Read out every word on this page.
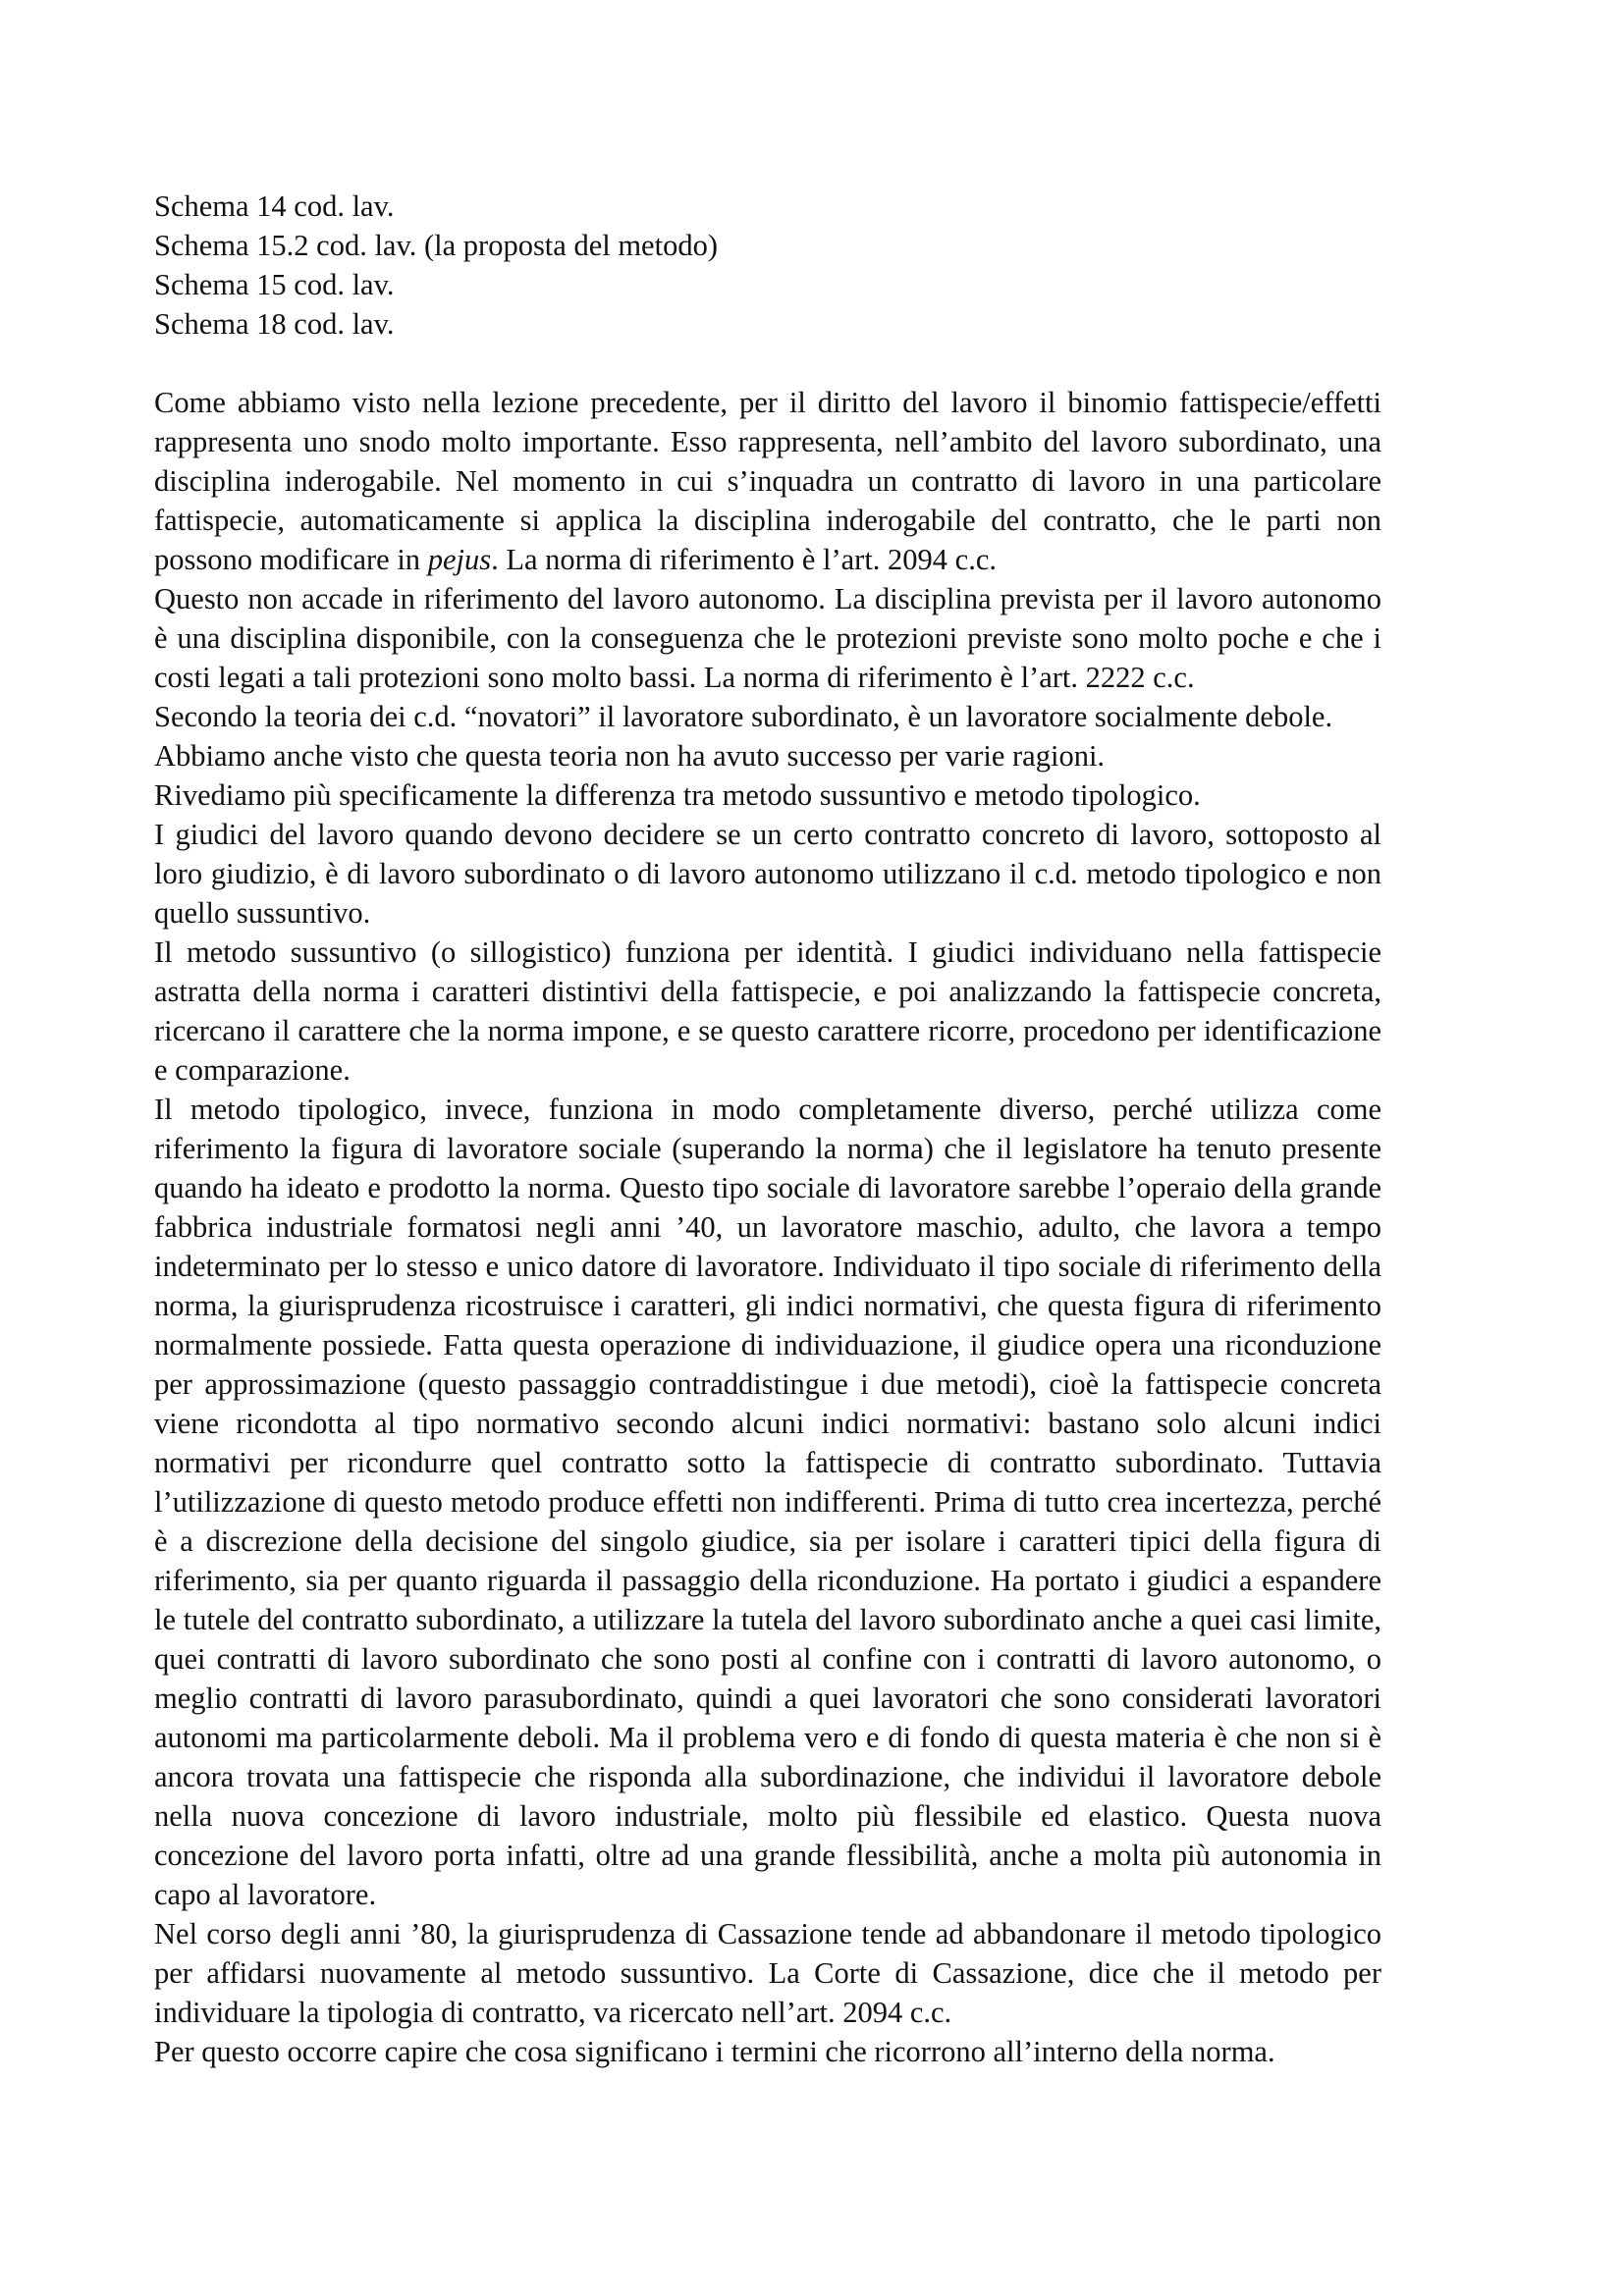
Schema 14 cod. lav.
Schema 15.2 cod. lav. (la proposta del metodo)
Schema 15 cod. lav.
Schema 18 cod. lav.

Come abbiamo visto nella lezione precedente, per il diritto del lavoro il binomio fattispecie/effetti rappresenta uno snodo molto importante. Esso rappresenta, nell’ambito del lavoro subordinato, una disciplina inderogabile. Nel momento in cui s’inquadra un contratto di lavoro in una particolare fattispecie, automaticamente si applica la disciplina inderogabile del contratto, che le parti non possono modificare in pejus. La norma di riferimento è l’art. 2094 c.c.

Questo non accade in riferimento del lavoro autonomo. La disciplina prevista per il lavoro autonomo è una disciplina disponibile, con la conseguenza che le protezioni previste sono molto poche e che i costi legati a tali protezioni sono molto bassi. La norma di riferimento è l’art. 2222 c.c.

Secondo la teoria dei c.d. “novatori” il lavoratore subordinato, è un lavoratore socialmente debole.

Abbiamo anche visto che questa teoria non ha avuto successo per varie ragioni.

Rivediamo più specificamente la differenza tra metodo sussuntivo e metodo tipologico.

I giudici del lavoro quando devono decidere se un certo contratto concreto di lavoro, sottoposto al loro giudizio, è di lavoro subordinato o di lavoro autonomo utilizzano il c.d. metodo tipologico e non quello sussuntivo.

Il metodo sussuntivo (o sillogistico) funziona per identità. I giudici individuano nella fattispecie astratta della norma i caratteri distintivi della fattispecie, e poi analizzando la fattispecie concreta, ricercano il carattere che la norma impone, e se questo carattere ricorre, procedono per identificazione e comparazione.

Il metodo tipologico, invece, funziona in modo completamente diverso, perché utilizza come riferimento la figura di lavoratore sociale (superando la norma) che il legislatore ha tenuto presente quando ha ideato e prodotto la norma. Questo tipo sociale di lavoratore sarebbe l’operaio della grande fabbrica industriale formatosi negli anni ’40, un lavoratore maschio, adulto, che lavora a tempo indeterminato per lo stesso e unico datore di lavoratore. Individuato il tipo sociale di riferimento della norma, la giurisprudenza ricostruisce i caratteri, gli indici normativi, che questa figura di riferimento normalmente possiede. Fatta questa operazione di individuazione, il giudice opera una riconduzione per approssimazione (questo passaggio contraddistingue i due metodi), cioè la fattispecie concreta viene ricondotta al tipo normativo secondo alcuni indici normativi: bastano solo alcuni indici normativi per ricondurre quel contratto sotto la fattispecie di contratto subordinato. Tuttavia l’utilizzazione di questo metodo produce effetti non indifferenti. Prima di tutto crea incertezza, perché è a discrezione della decisione del singolo giudice, sia per isolare i caratteri tipici della figura di riferimento, sia per quanto riguarda il passaggio della riconduzione. Ha portato i giudici a espandere le tutele del contratto subordinato, a utilizzare la tutela del lavoro subordinato anche a quei casi limite, quei contratti di lavoro subordinato che sono posti al confine con i contratti di lavoro autonomo, o meglio contratti di lavoro parasubordinato, quindi a quei lavoratori che sono considerati lavoratori autonomi ma particolarmente deboli. Ma il problema vero e di fondo di questa materia è che non si è ancora trovata una fattispecie che risponda alla subordinazione, che individui il lavoratore debole nella nuova concezione di lavoro industriale, molto più flessibile ed elastico. Questa nuova concezione del lavoro porta infatti, oltre ad una grande flessibilità, anche a molta più autonomia in capo al lavoratore.

Nel corso degli anni ’80, la giurisprudenza di Cassazione tende ad abbandonare il metodo tipologico per affidarsi nuovamente al metodo sussuntivo. La Corte di Cassazione, dice che il metodo per individuare la tipologia di contratto, va ricercato nell’art. 2094 c.c.

Per questo occorre capire che cosa significano i termini che ricorrono all’interno della norma.
